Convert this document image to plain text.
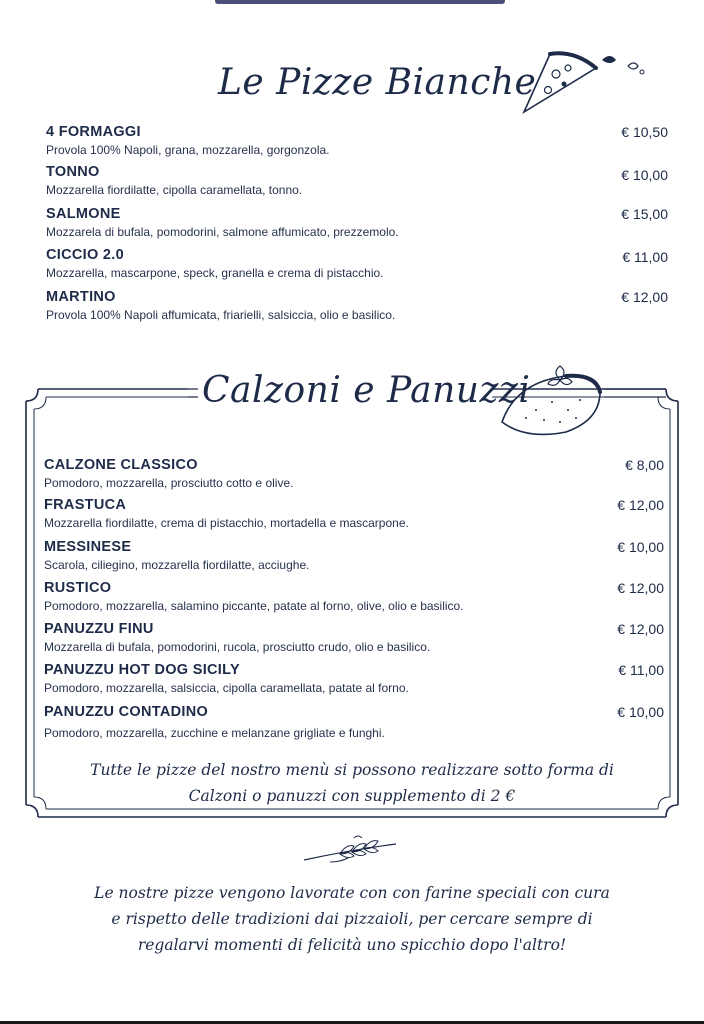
Le Pizze Bianche
4 FORMAGGI
Provola 100% Napoli, grana, mozzarella, gorgonzola.
€ 10,50
TONNO
Mozzarella fiordilatte, cipolla caramellata, tonno.
€ 10,00
SALMONE
Mozzarela di bufala, pomodorini, salmone affumicato, prezzemolo.
€ 15,00
CICCIO 2.0
Mozzarella, mascarpone, speck, granella e crema di pistacchio.
€ 11,00
MARTINO
Provola 100% Napoli affumicata, friarielli, salsiccia, olio e basilico.
€ 12,00
Calzoni e Panuzzi
CALZONE CLASSICO
Pomodoro, mozzarella, prosciutto cotto e olive.
€ 8,00
FRASTUCA
Mozzarella fiordilatte, crema di pistacchio, mortadella e mascarpone.
€ 12,00
MESSINESE
Scarola, ciliegino, mozzarella fiordilatte, acciughe.
€ 10,00
RUSTICO
Pomodoro, mozzarella, salamino piccante, patate al forno, olive, olio e basilico.
€ 12,00
PANUZZU FINU
Mozzarella di bufala, pomodorini, rucola, prosciutto crudo, olio e basilico.
€ 12,00
PANUZZU HOT DOG SICILY
Pomodoro, mozzarella, salsiccia, cipolla caramellata, patate al forno.
€ 11,00
PANUZZU CONTADINO
Pomodoro, mozzarella, zucchine e melanzane grigliate e funghi.
€ 10,00
Tutte le pizze del nostro menù si possono realizzare sotto forma di
Calzoni o panuzzi con supplemento di 2 €
Le nostre pizze vengono lavorate con con farine speciali con cura
e rispetto delle tradizioni dai pizzaioli, per cercare sempre di
regalarvi momenti di felicità uno spicchio dopo l'altro!
